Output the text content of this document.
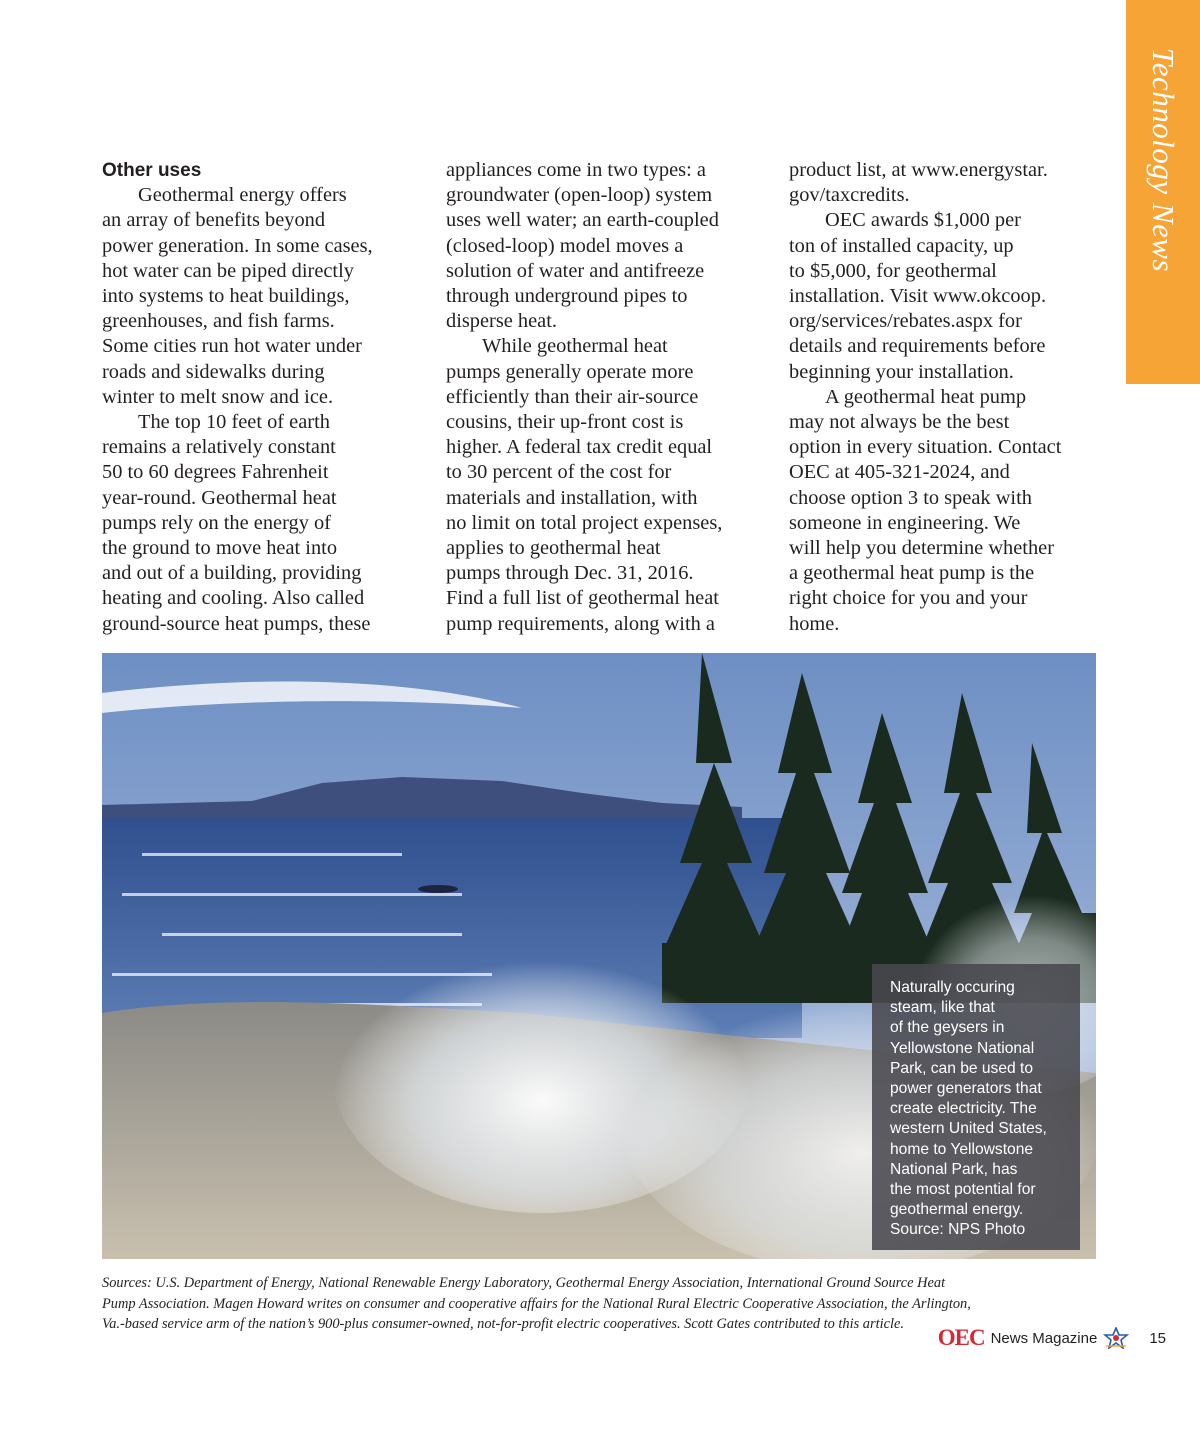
Technology News

Other uses

Geothermal energy offers

an array of benefits beyond

power generation. In some cases,

hot water can be piped directly

into systems to heat buildings,

greenhouses, and fish farms.

Some cities run hot water under

roads and sidewalks during

winter to melt snow and ice.

The top 10 feet of earth

remains a relatively constant

50 to 60 degrees Fahrenheit

year-round. Geothermal heat

pumps rely on the energy of

the ground to move heat into

and out of a building, providing

heating and cooling. Also called

ground-source heat pumps, these

appliances come in two types: a

groundwater (open-loop) system

uses well water; an earth-coupled

(closed-loop) model moves a

solution of water and antifreeze

through underground pipes to

disperse heat.

While geothermal heat

pumps generally operate more

efficiently than their air-source

cousins, their up-front cost is

higher. A federal tax credit equal

to 30 percent of the cost for

materials and installation, with

no limit on total project expenses,

applies to geothermal heat

pumps through Dec. 31, 2016.

Find a full list of geothermal heat

pump requirements, along with a

product list, at www.energystar.

gov/taxcredits.

OEC awards $1,000 per

ton of installed capacity, up

to $5,000, for geothermal

installation. Visit www.okcoop.

org/services/rebates.aspx for

details and requirements before

beginning your installation.

A geothermal heat pump

may not always be the best

option in every situation. Contact

OEC at 405-321-2024, and

choose option 3 to speak with

someone in engineering. We

will help you determine whether

a geothermal heat pump is the

right choice for you and your

home.

Naturally occuring
steam, like that
of the geysers in
Yellowstone National
Park, can be used to
power generators that
create electricity. The
western United States,
home to Yellowstone
National Park, has
the most potential for
geothermal energy.
Source: NPS Photo
Sources: U.S. Department of Energy, National Renewable Energy Laboratory, Geothermal Energy Association, International Ground Source Heat
Pump Association. Magen Howard writes on consumer and cooperative affairs for the National Rural Electric Cooperative Association, the Arlington,
Va.-based service arm of the nation’s 900-plus consumer-owned, not-for-profit electric cooperatives. Scott Gates contributed to this article.
OEC News Magazine	15
